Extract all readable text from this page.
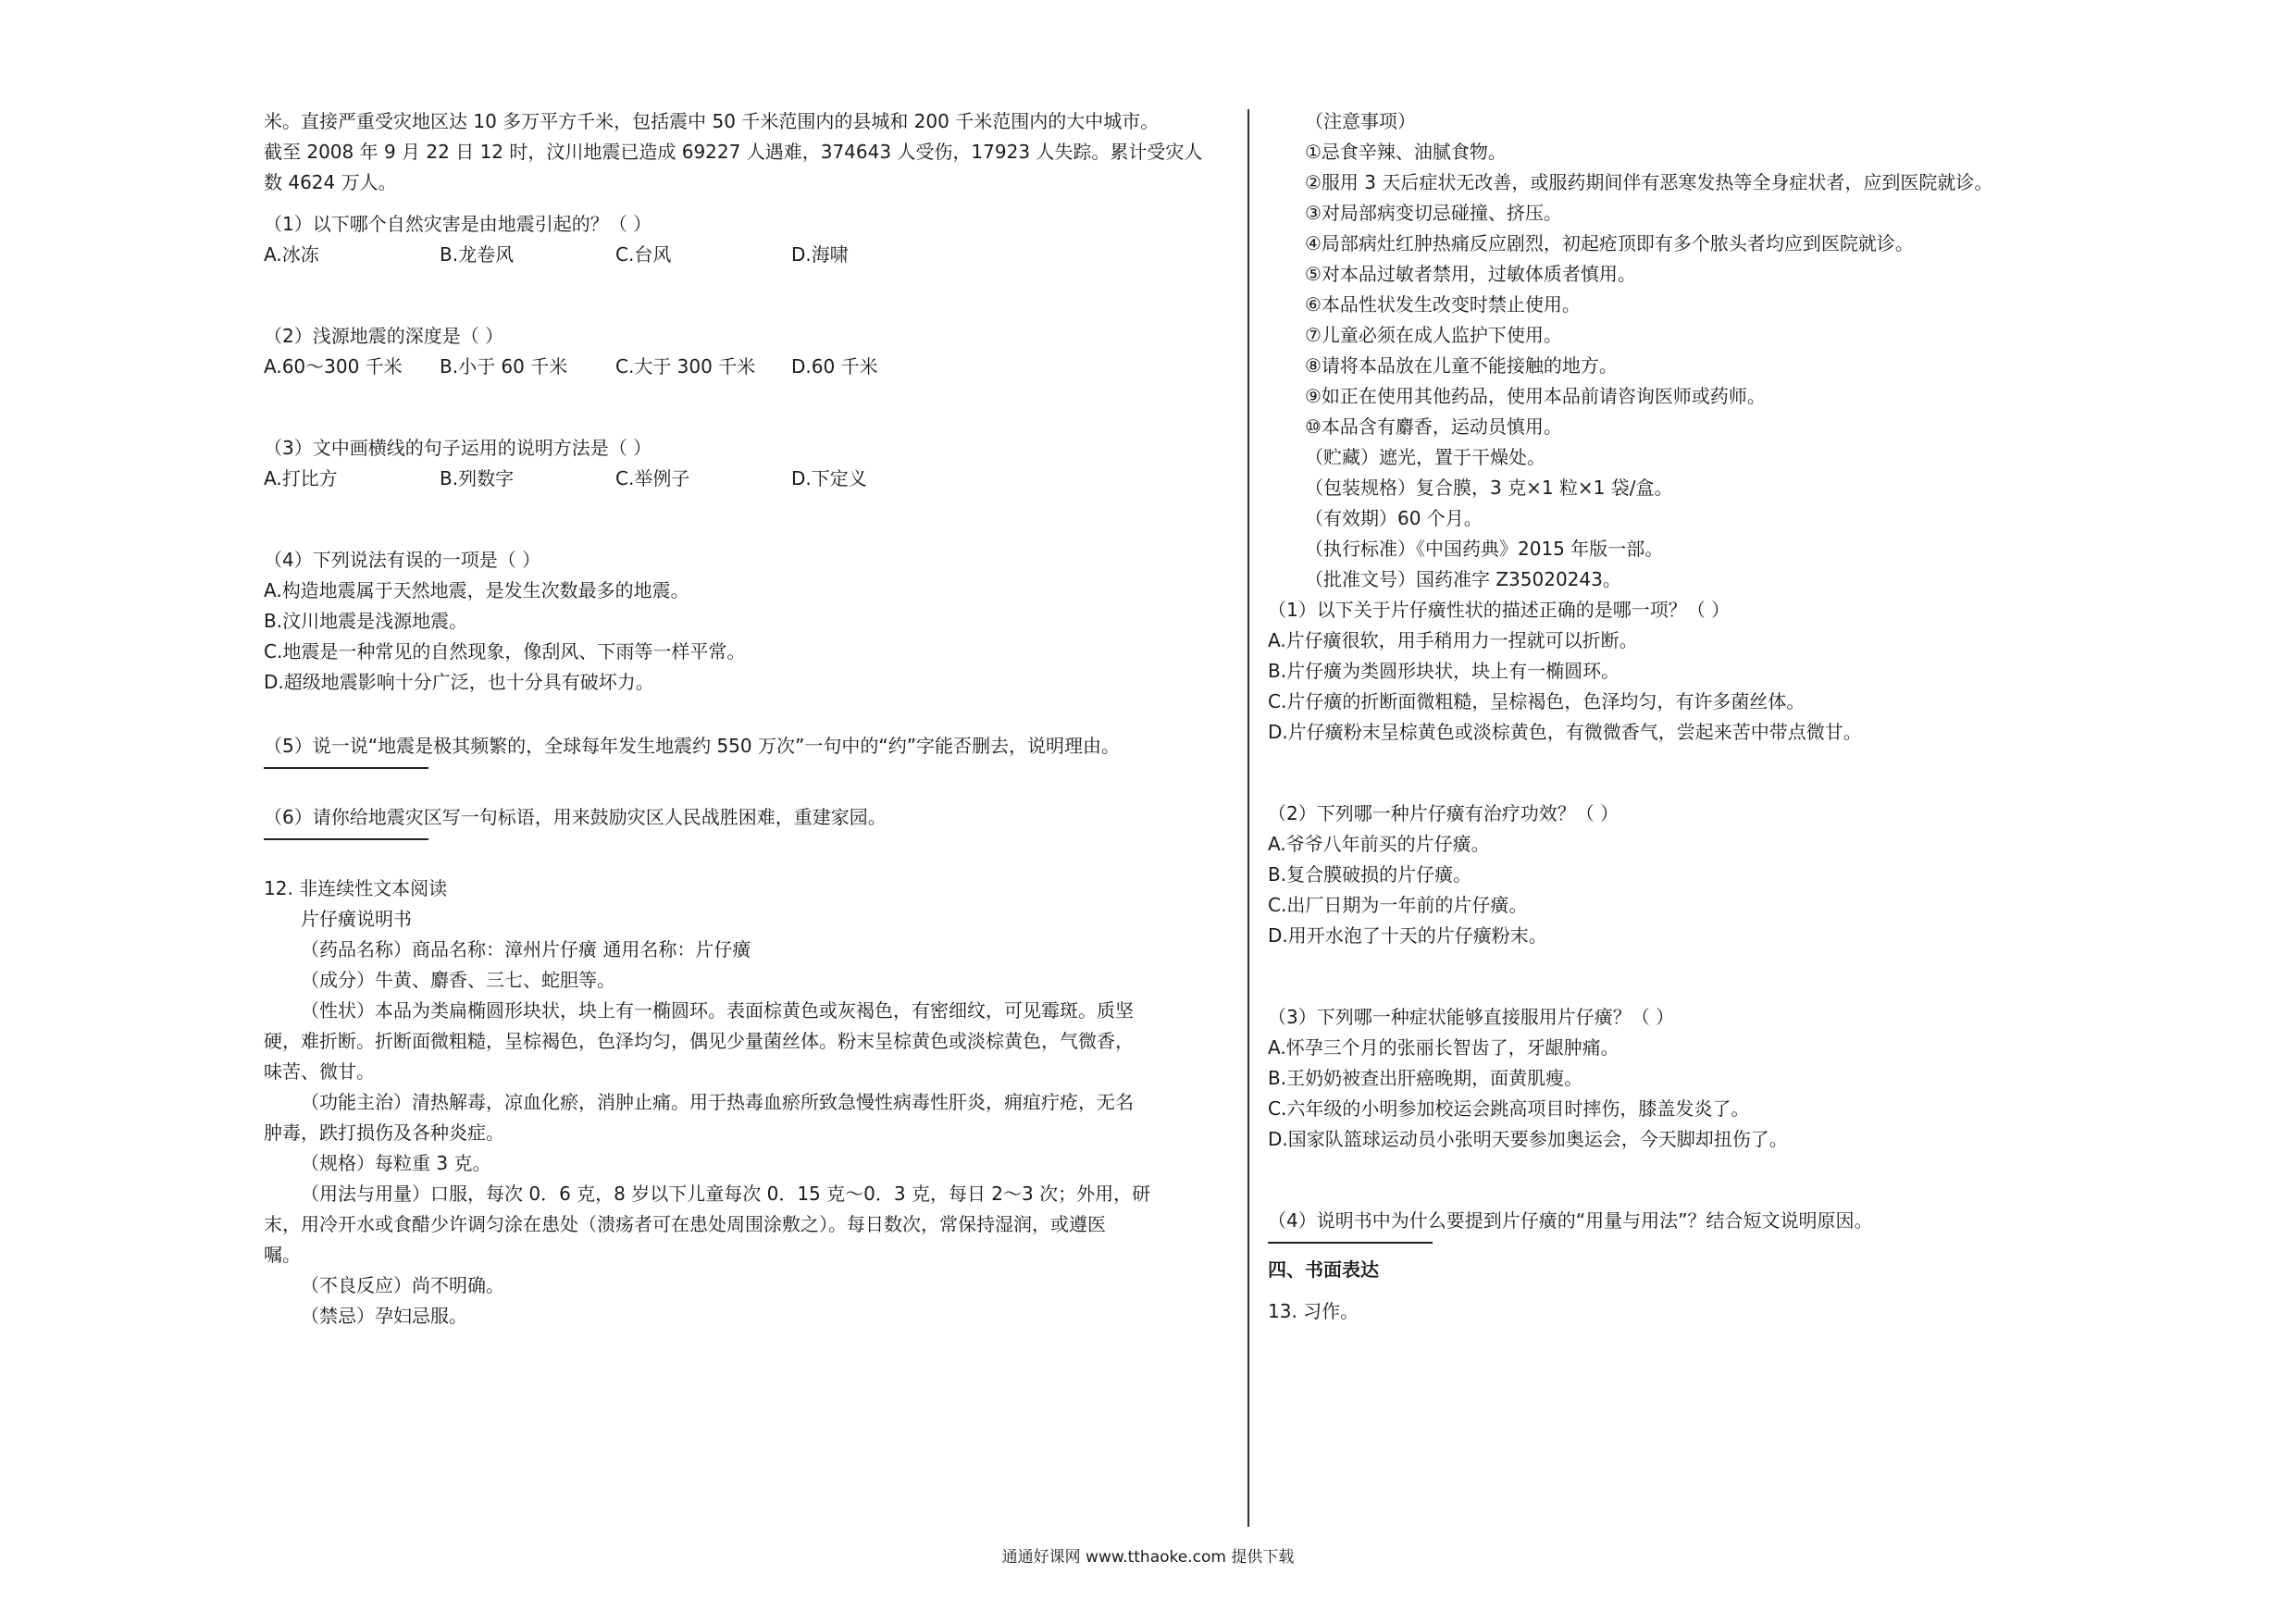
米。直接严重受灾地区达 10 多万平方千米，包括震中 50 千米范围内的县城和 200 千米范围内的大中城市。

截至 2008 年 9 月 22 日 12 时，汶川地震已造成 69227 人遇难，374643 人受伤，17923 人失踪。累计受灾人

数 4624 万人。

（1）以下哪个自然灾害是由地震引起的？（ ）

A.冰冻	B.龙卷风	C.台风	D.海啸

（2）浅源地震的深度是（ ）

A.60～300 千米	B.小于 60 千米	C.大于 300 千米	D.60 千米

（3）文中画横线的句子运用的说明方法是（ ）

A.打比方	B.列数字	C.举例子	D.下定义

（4）下列说法有误的一项是（ ）

A.构造地震属于天然地震，是发生次数最多的地震。

B.汶川地震是浅源地震。

C.地震是一种常见的自然现象，像刮风、下雨等一样平常。

D.超级地震影响十分广泛，也十分具有破坏力。

（5）说一说“地震是极其频繁的，全球每年发生地震约 550 万次”一句中的“约”字能否删去，说明理由。

（6）请你给地震灾区写一句标语，用来鼓励灾区人民战胜困难，重建家园。

12. 非连续性文本阅读

片仔癀说明书

（药品名称）商品名称：漳州片仔癀 通用名称：片仔癀

（成分）牛黄、麝香、三七、蛇胆等。

（性状）本品为类扁椭圆形块状，块上有一椭圆环。表面棕黄色或灰褐色，有密细纹，可见霉斑。质坚

硬，难折断。折断面微粗糙，呈棕褐色，色泽均匀，偶见少量菌丝体。粉末呈棕黄色或淡棕黄色，气微香，

味苦、微甘。

（功能主治）清热解毒，凉血化瘀，消肿止痛。用于热毒血瘀所致急慢性病毒性肝炎，痈疽疔疮，无名

肿毒，跌打损伤及各种炎症。

（规格）每粒重 3 克。

（用法与用量）口服，每次 0．6 克，8 岁以下儿童每次 0．15 克～0．3 克，每日 2～3 次；外用，研

末，用冷开水或食醋少许调匀涂在患处（溃疡者可在患处周围涂敷之）。每日数次，常保持湿润，或遵医

嘱。

（不良反应）尚不明确。

（禁忌）孕妇忌服。

（注意事项）

①忌食辛辣、油腻食物。

②服用 3 天后症状无改善，或服药期间伴有恶寒发热等全身症状者，应到医院就诊。

③对局部病变切忌碰撞、挤压。

④局部病灶红肿热痛反应剧烈，初起疮顶即有多个脓头者均应到医院就诊。

⑤对本品过敏者禁用，过敏体质者慎用。

⑥本品性状发生改变时禁止使用。

⑦儿童必须在成人监护下使用。

⑧请将本品放在儿童不能接触的地方。

⑨如正在使用其他药品，使用本品前请咨询医师或药师。

⑩本品含有麝香，运动员慎用。

（贮藏）遮光，置于干燥处。

（包装规格）复合膜，3 克×1 粒×1 袋/盒。

（有效期）60 个月。

（执行标准）《中国药典》2015 年版一部。

（批准文号）国药准字 Z35020243。

（1）以下关于片仔癀性状的描述正确的是哪一项？（ ）

A.片仔癀很软，用手稍用力一捏就可以折断。

B.片仔癀为类圆形块状，块上有一椭圆环。

C.片仔癀的折断面微粗糙，呈棕褐色，色泽均匀，有许多菌丝体。

D.片仔癀粉末呈棕黄色或淡棕黄色，有微微香气，尝起来苦中带点微甘。

（2）下列哪一种片仔癀有治疗功效？（ ）

A.爷爷八年前买的片仔癀。

B.复合膜破损的片仔癀。

C.出厂日期为一年前的片仔癀。

D.用开水泡了十天的片仔癀粉末。

（3）下列哪一种症状能够直接服用片仔癀？（ ）

A.怀孕三个月的张丽长智齿了，牙龈肿痛。

B.王奶奶被查出肝癌晚期，面黄肌瘦。

C.六年级的小明参加校运会跳高项目时摔伤，膝盖发炎了。

D.国家队篮球运动员小张明天要参加奥运会，今天脚却扭伤了。

（4）说明书中为什么要提到片仔癀的“用量与用法”？结合短文说明原因。

四、书面表达

13. 习作。

通通好课网 www.tthaoke.com 提供下载
